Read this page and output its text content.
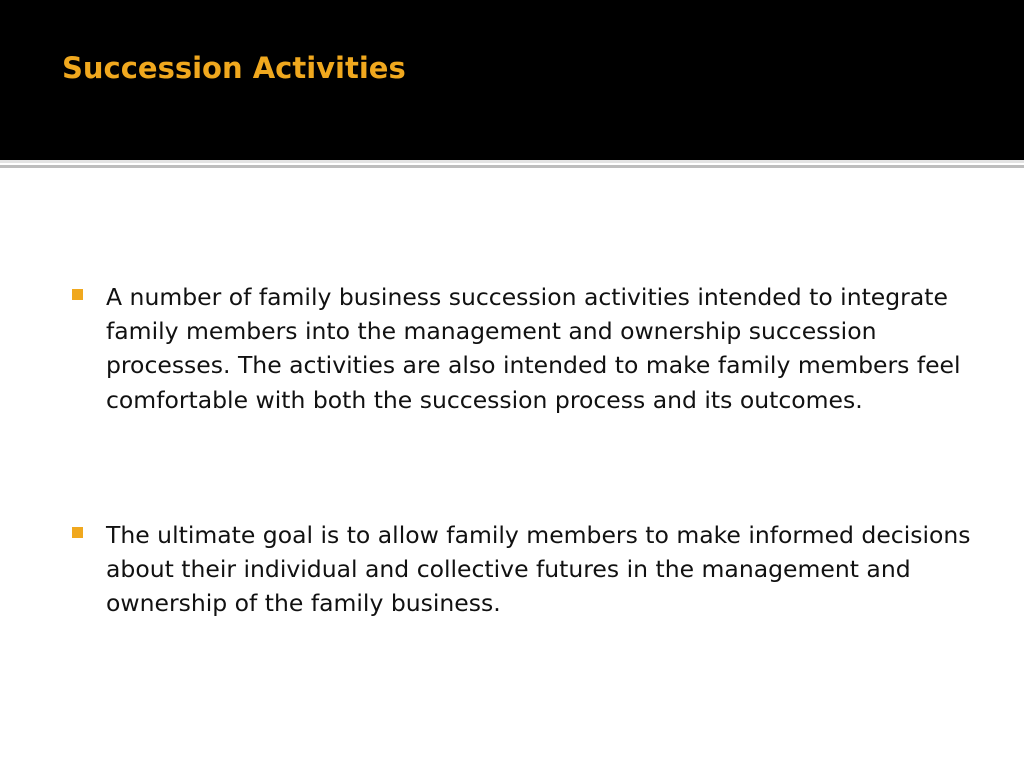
Succession Activities
A number of family business succession activities intended to integrate family members into the management and ownership succession processes. The activities are also intended to make family members feel comfortable with both the succession process and its outcomes.
The ultimate goal is to allow family members to make informed decisions about their individual and collective futures in the management and ownership of the family business.
